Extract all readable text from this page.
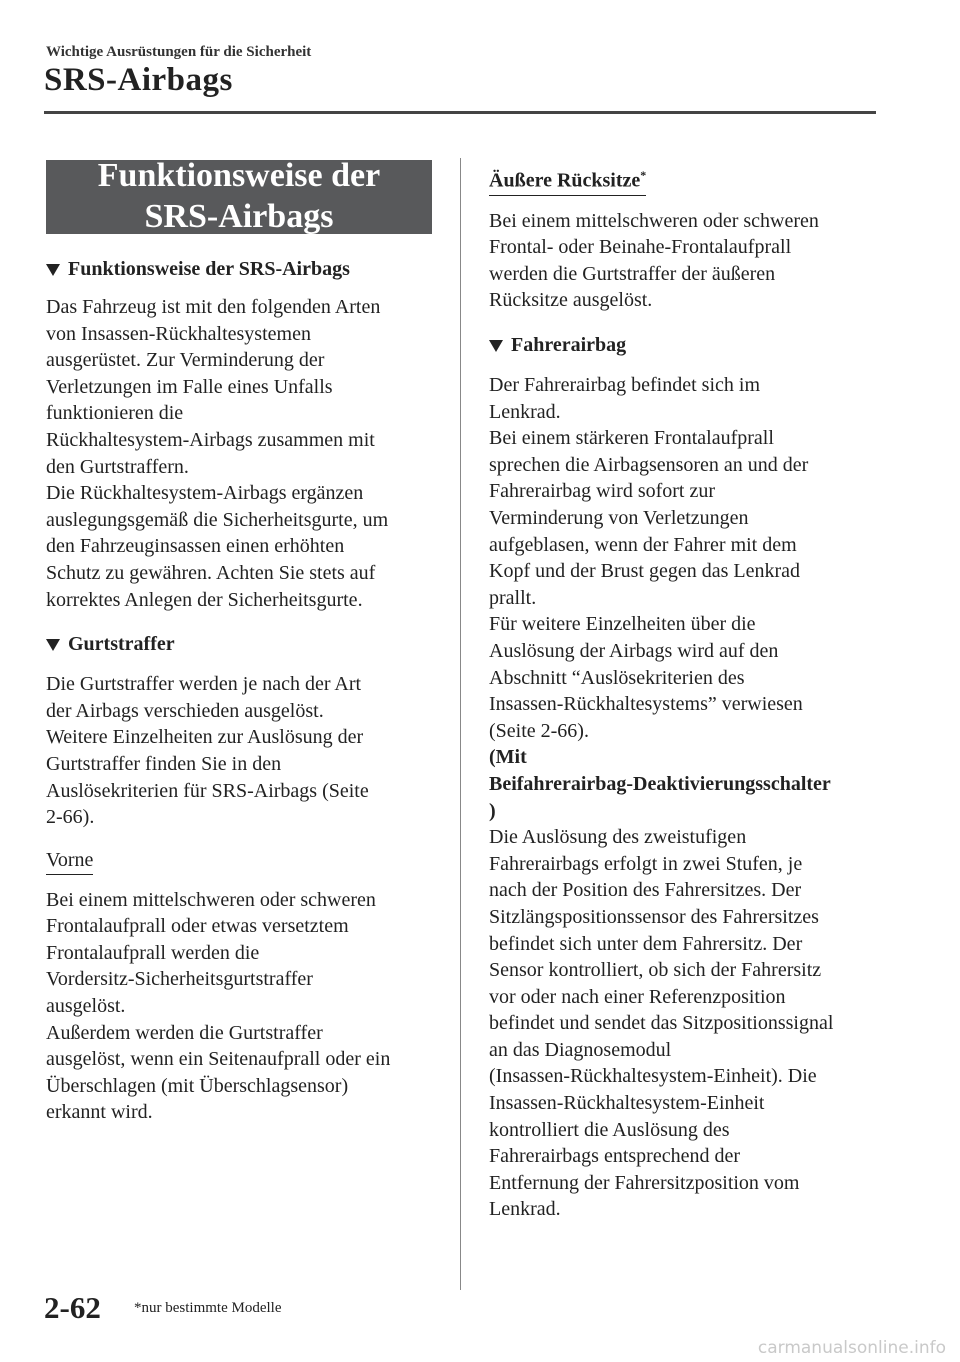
Wichtige Ausrüstungen für die Sicherheit
SRS-Airbags
Funktionsweise der
SRS-Airbags
Funktionsweise der SRS-Airbags

Das Fahrzeug ist mit den folgenden Arten

von Insassen-Rückhaltesystemen

ausgerüstet. Zur Verminderung der

Verletzungen im Falle eines Unfalls

funktionieren die

Rückhaltesystem-Airbags zusammen mit

den Gurtstraffern.

Die Rückhaltesystem-Airbags ergänzen

auslegungsgemäß die Sicherheitsgurte, um

den Fahrzeuginsassen einen erhöhten

Schutz zu gewähren. Achten Sie stets auf

korrektes Anlegen der Sicherheitsgurte.

Gurtstraffer

Die Gurtstraffer werden je nach der Art

der Airbags verschieden ausgelöst.

Weitere Einzelheiten zur Auslösung der

Gurtstraffer finden Sie in den

Auslösekriterien für SRS-Airbags (Seite

2-66).

Vorne

Bei einem mittelschweren oder schweren

Frontalaufprall oder etwas versetztem

Frontalaufprall werden die

Vordersitz-Sicherheitsgurtstraffer

ausgelöst.

Außerdem werden die Gurtstraffer

ausgelöst, wenn ein Seitenaufprall oder ein

Überschlagen (mit Überschlagsensor)

erkannt wird.

Äußere Rücksitze*

Bei einem mittelschweren oder schweren

Frontal- oder Beinahe-Frontalaufprall

werden die Gurtstraffer der äußeren

Rücksitze ausgelöst.

Fahrerairbag

Der Fahrerairbag befindet sich im

Lenkrad.

Bei einem stärkeren Frontalaufprall

sprechen die Airbagsensoren an und der

Fahrerairbag wird sofort zur

Verminderung von Verletzungen

aufgeblasen, wenn der Fahrer mit dem

Kopf und der Brust gegen das Lenkrad

prallt.

Für weitere Einzelheiten über die

Auslösung der Airbags wird auf den

Abschnitt “Auslösekriterien des

Insassen-Rückhaltesystems” verwiesen

(Seite 2-66).

(Mit

Beifahrerairbag-Deaktivierungsschalter

)

Die Auslösung des zweistufigen

Fahrerairbags erfolgt in zwei Stufen, je

nach der Position des Fahrersitzes. Der

Sitzlängspositionssensor des Fahrersitzes

befindet sich unter dem Fahrersitz. Der

Sensor kontrolliert, ob sich der Fahrersitz

vor oder nach einer Referenzposition

befindet und sendet das Sitzpositionssignal

an das Diagnosemodul

(Insassen-Rückhaltesystem-Einheit). Die

Insassen-Rückhaltesystem-Einheit

kontrolliert die Auslösung des

Fahrerairbags entsprechend der

Entfernung der Fahrersitzposition vom

Lenkrad.

2-62 *nur bestimmte Modelle
carmanualsonline.info
